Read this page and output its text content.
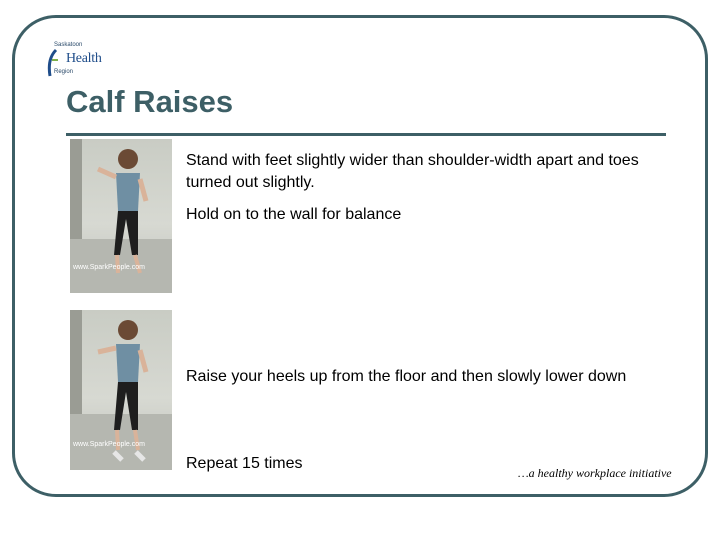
Saskatoon
Health
Region
Calf Raises
www.SparkPeople.com
www.SparkPeople.com

Stand with feet slightly wider than shoulder-width apart and toes turned out slightly.

Hold on to the wall for balance

Raise your heels up from the floor and then slowly lower down

Repeat 15 times

…a healthy workplace initiative
